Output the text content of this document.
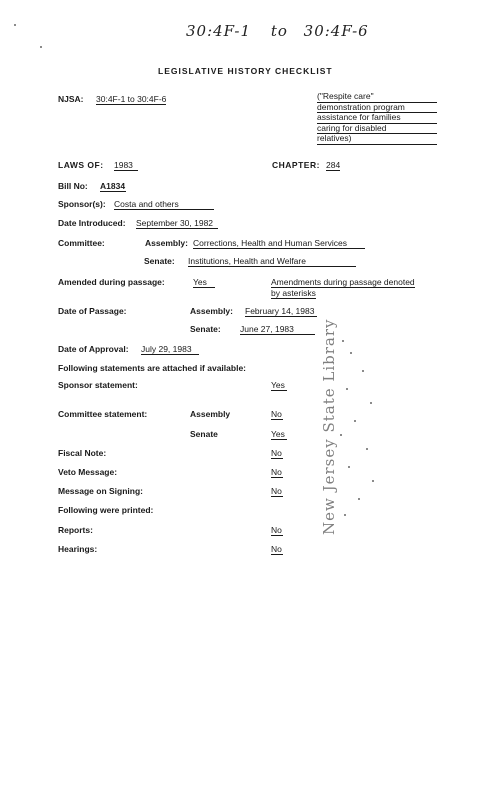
30:4F-1 to 30:4F-6
LEGISLATIVE HISTORY CHECKLIST
NJSA: 30:4F-1 to 30:4F-6	("Respite care"
demonstration program
assistance for families
caring for disabled
relatives)
LAWS OF: 1983	CHAPTER: 284
Bill No: A1834
Sponsor(s): Costa and others
Date Introduced: September 30, 1982
Committee:	Assembly: Corrections, Health and Human Services
Senate: Institutions, Health and Welfare
Amended during passage:	Yes	Amendments during passage denoted
by asterisks
Date of Passage:	Assembly: February 14, 1983
Senate: June 27, 1983
Date of Approval: July 29, 1983
Following statements are attached if available:
Sponsor statement:	Yes
Committee statement:	Assembly	No
Senate	Yes
Fiscal Note:	No
Veto Message:	No
Message on Signing:	No
Following were printed:
Reports:	No
Hearings:	No
New Jersey State Library
